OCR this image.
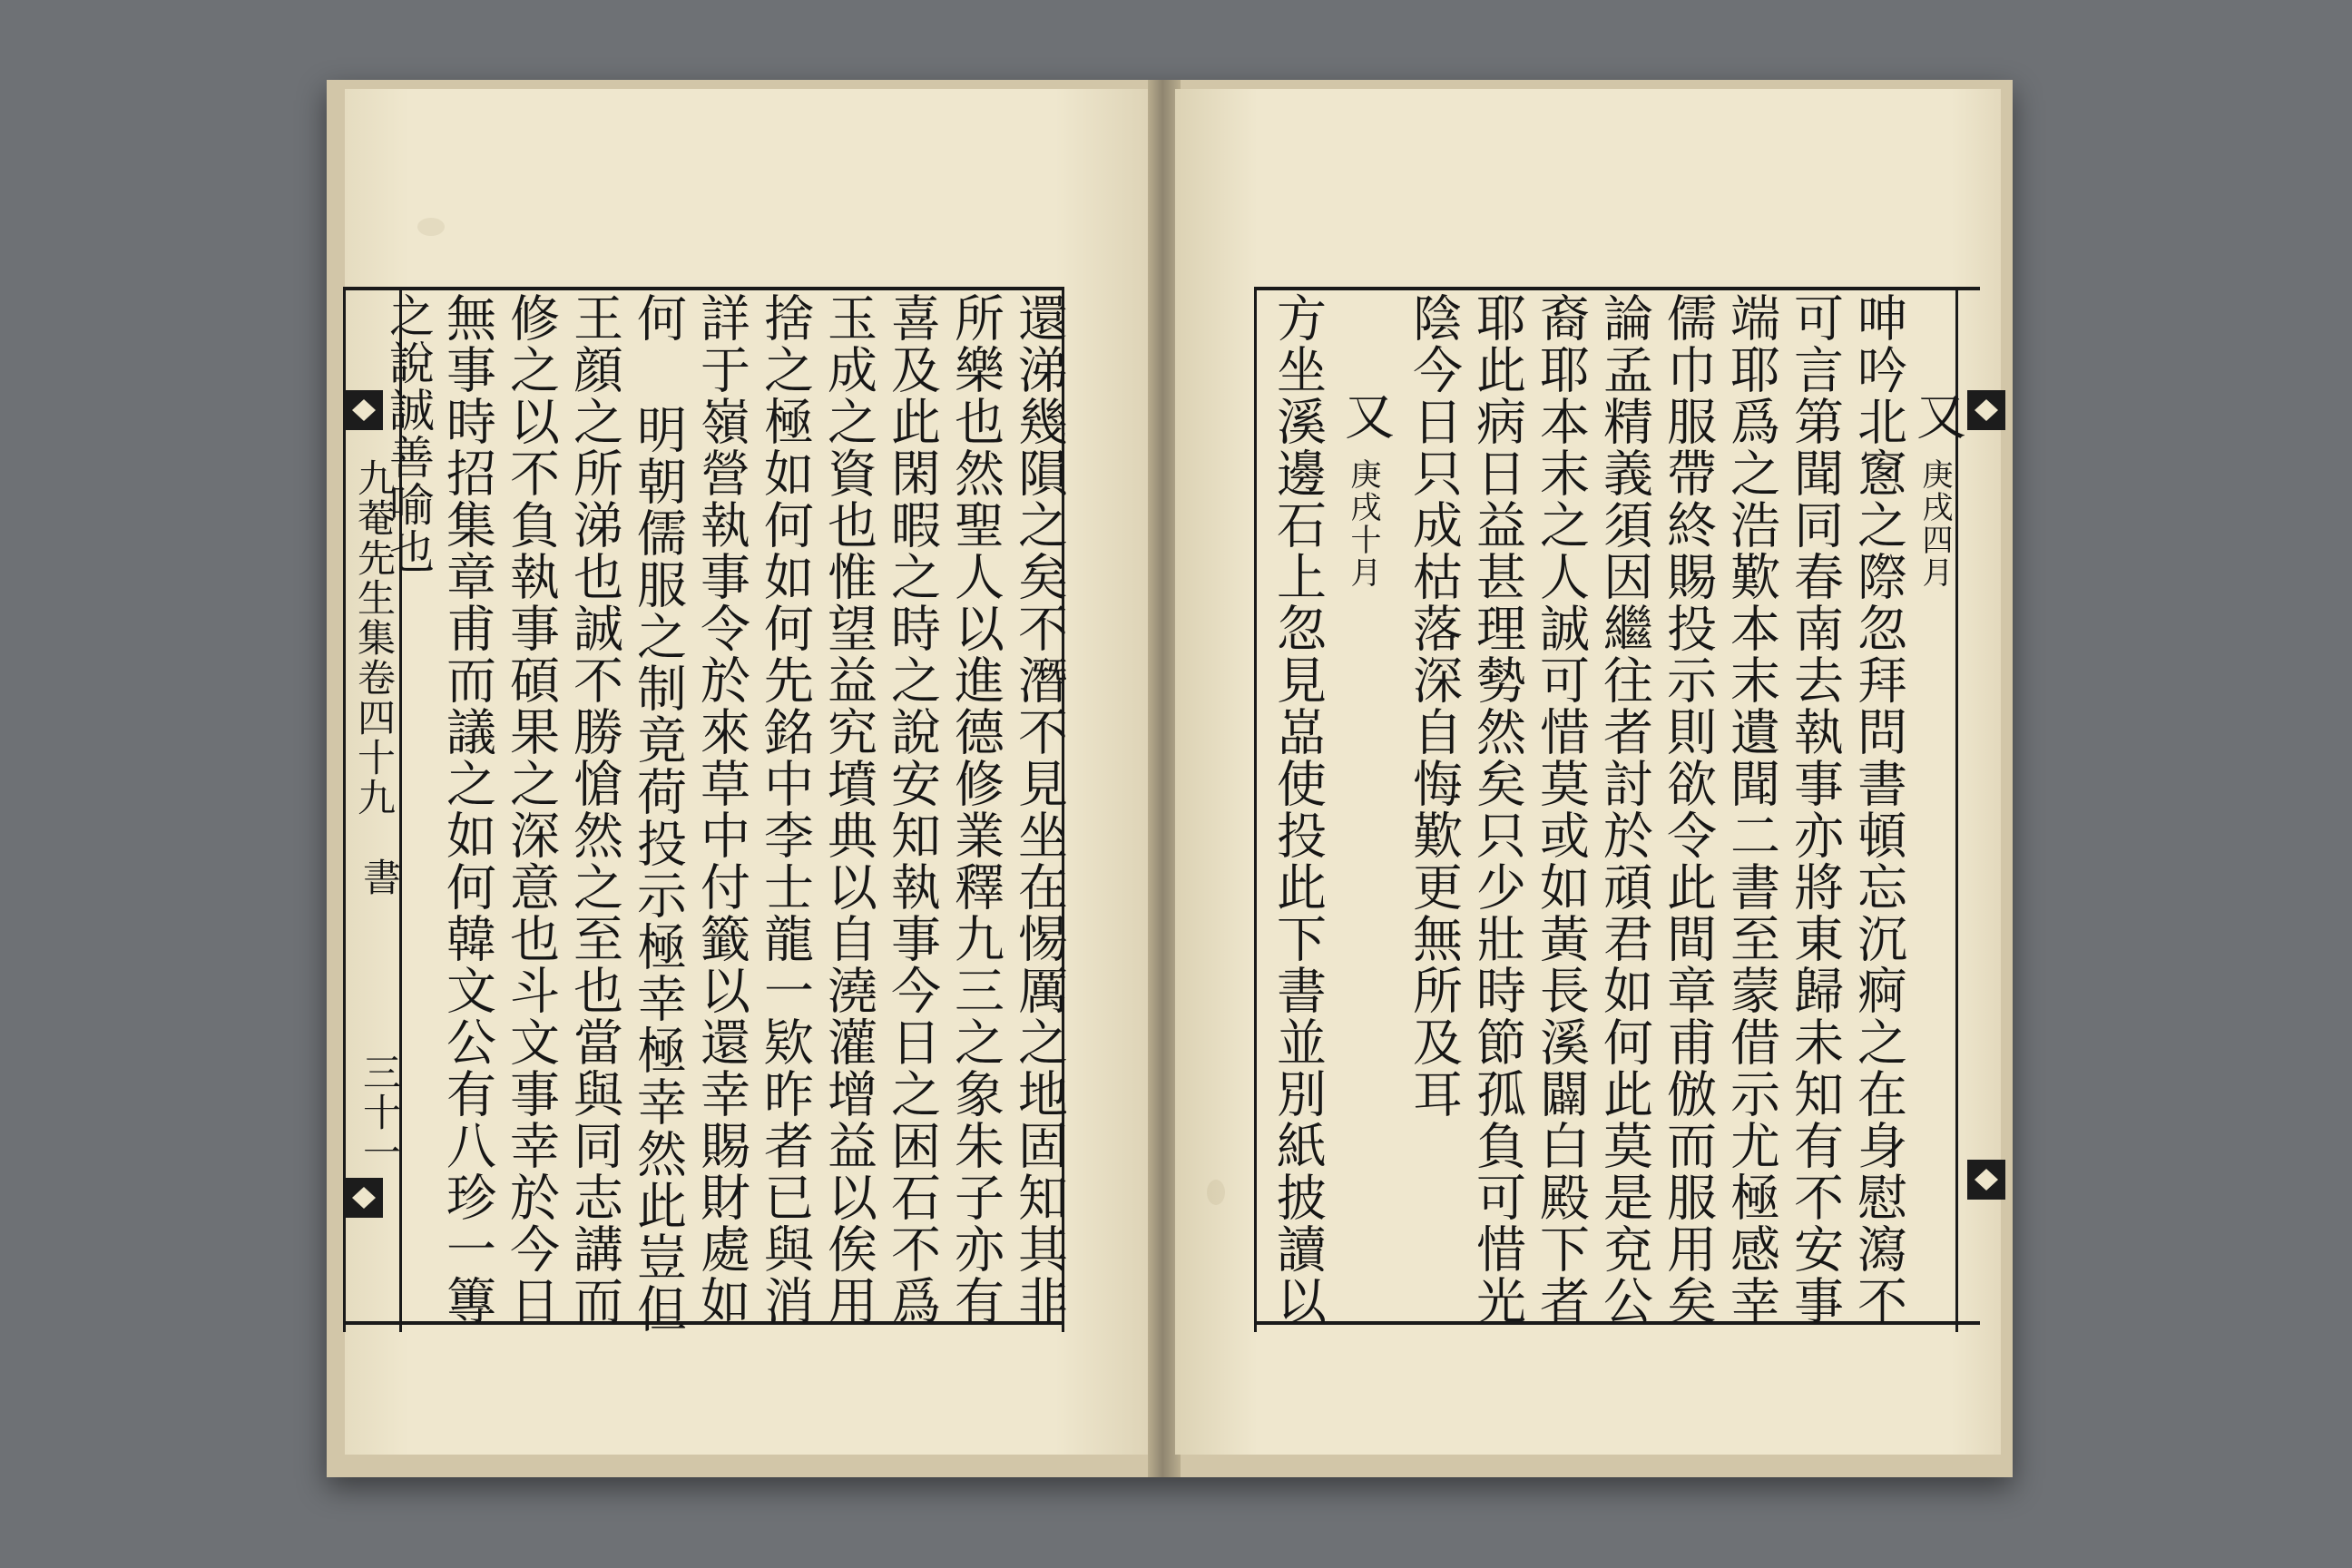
還涕幾隕之矣不潛不見坐在惕厲之地固知其非
所樂也然聖人以進德修業釋九三之象朱子亦有
喜及此閑暇之時之說安知執事今日之困石不爲
玉成之資也惟望益究墳典以自澆灌增益以俟用
捨之極如何如何先銘中李士龍一欵昨者已與消
詳于嶺營執事令於來草中付籤以還幸賜財處如
何 明朝儒服之制竟荷投示極幸極幸然此豈但
王顔之所涕也誠不勝愴然之至也當與同志講而
修之以不負執事碩果之深意也斗文事幸於今日
無事時招集章甫而議之如何韓文公有八珍一篿
之說誠善喻也
九菴先生集卷四十九
書
三十一
又
庚戌四月
呻吟北窻之際忽拜問書頓忘沉痾之在身慰瀉不
可言第聞同春南去執事亦將東歸未知有不安事
端耶爲之浩歎本末遺聞二書至蒙借示尤極感幸
儒巾服帶終賜投示則欲令此間章甫倣而服用矣
論孟精義須因繼往者討於頑君如何此莫是兗公
裔耶本末之人誠可惜莫或如黃長溪闢白殿下者
耶此病日益甚理勢然矣只少壯時節孤負可惜光
陰今日只成枯落深自悔歎更無所及耳
又
庚戌十月
方坐溪邊石上忽見嵓使投此下書並別紙披讀以
